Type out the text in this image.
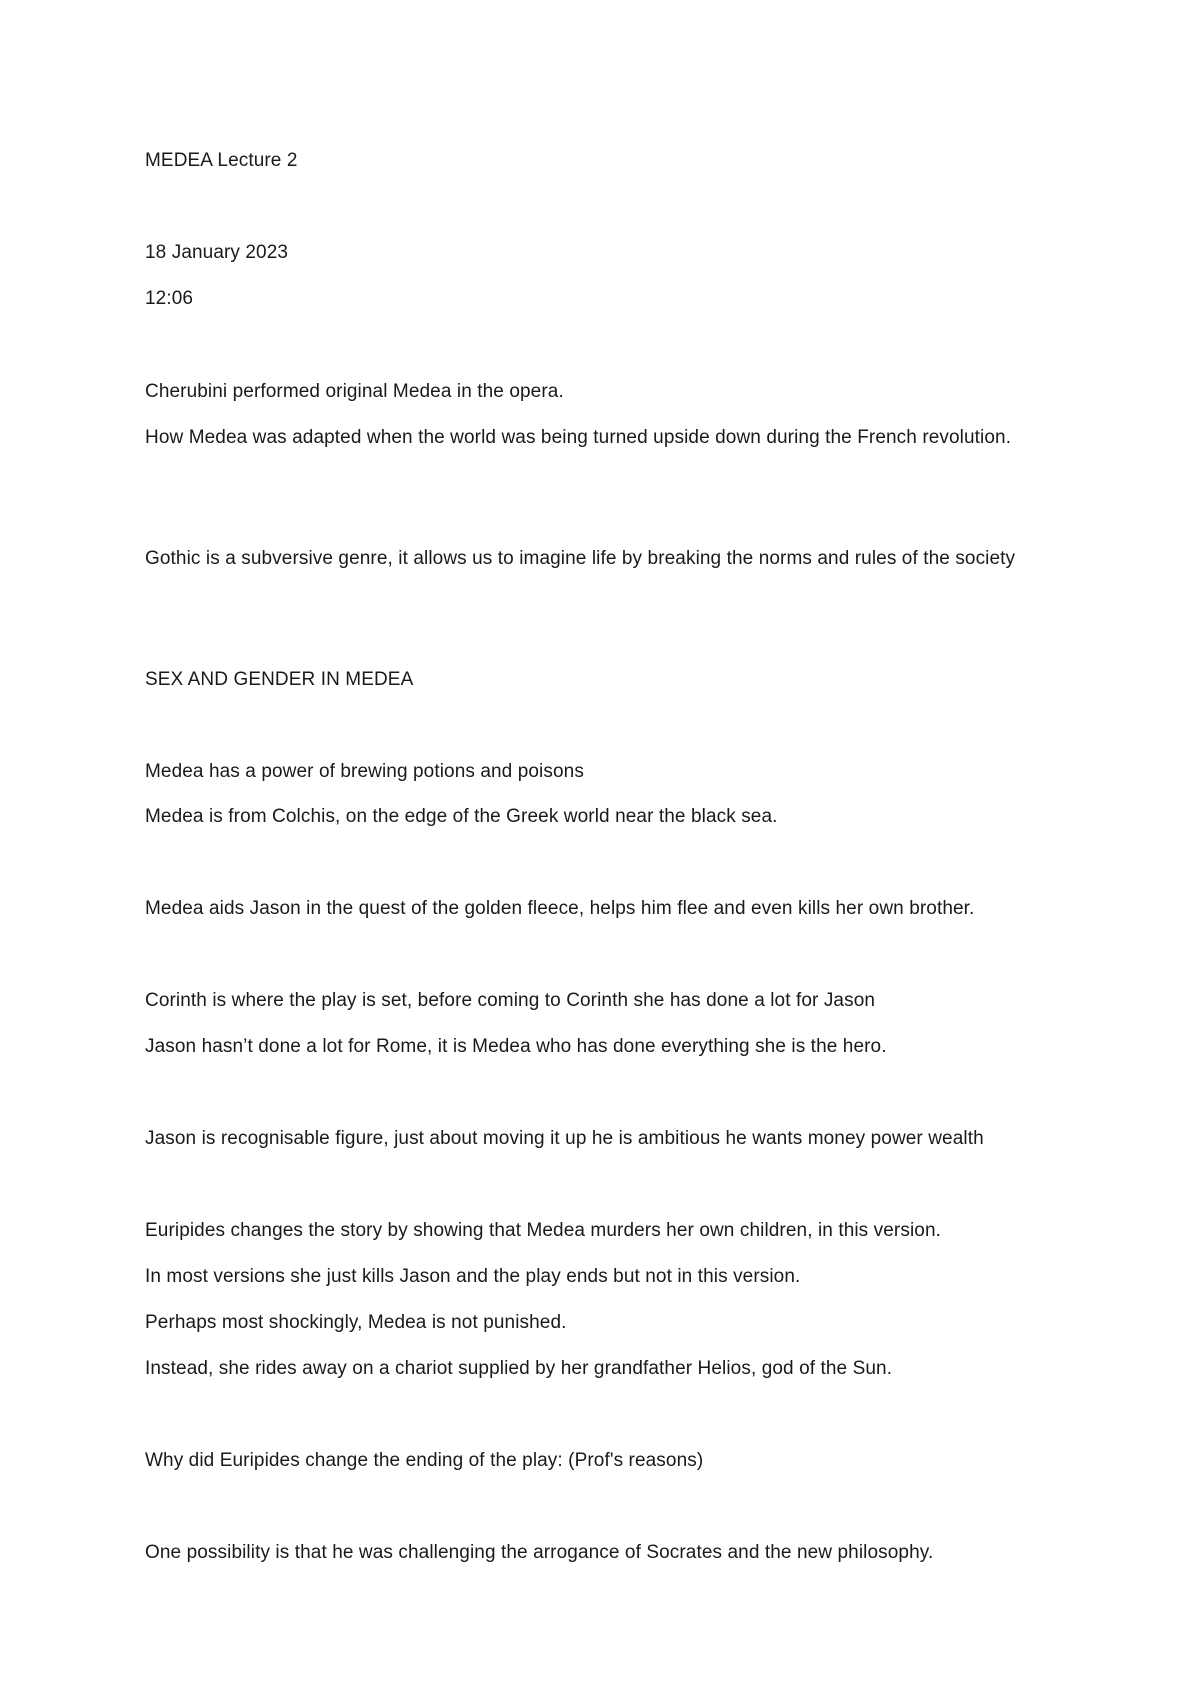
MEDEA Lecture 2
18 January 2023
12:06
Cherubini performed original Medea in the opera.
How Medea was adapted when the world was being turned upside down during the French revolution.
Gothic is a subversive genre, it allows us to imagine life by breaking the norms and rules of the society
SEX AND GENDER IN MEDEA
Medea has a power of brewing potions and poisons
Medea is from Colchis, on the edge of the Greek world near the black sea.
Medea aids Jason in the quest of the golden fleece, helps him flee and even kills her own brother.
Corinth is where the play is set, before coming to Corinth she has done a lot for Jason
Jason hasn’t done a lot for Rome, it is Medea who has done everything she is the hero.
Jason is recognisable figure, just about moving it up he is ambitious he wants money power wealth
Euripides changes the story by showing that Medea murders her own children, in this version.
In most versions she just kills Jason and the play ends but not in this version.
Perhaps most shockingly, Medea is not punished.
Instead, she rides away on a chariot supplied by her grandfather Helios, god of the Sun.
Why did Euripides change the ending of the play: (Prof's reasons)
One possibility is that he was challenging the arrogance of Socrates and the new philosophy.
